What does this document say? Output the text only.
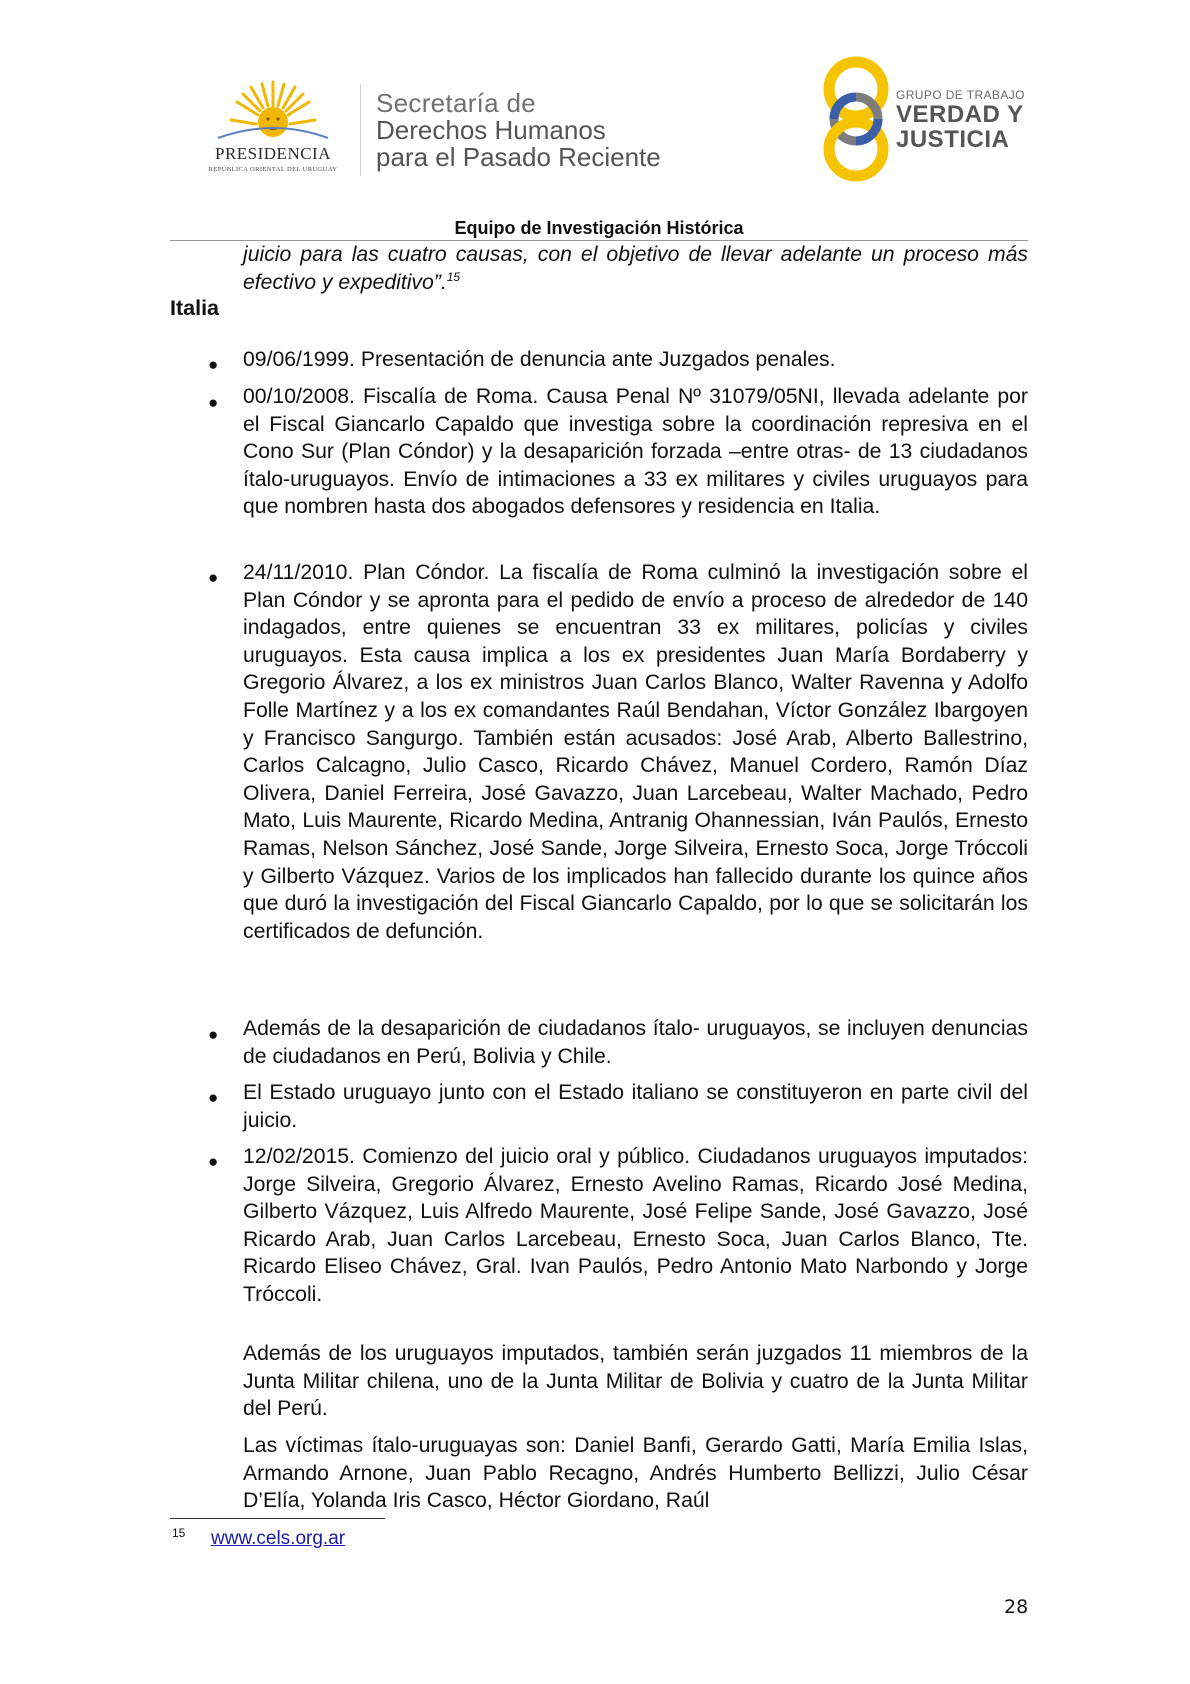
PRESIDENCIA
REPÚBLICA ORIENTAL DEL URUGUAY
Secretaría de
Derechos Humanos
para el Pasado Reciente
GRUPO DE TRABAJO
VERDAD Y
JUSTICIA
Equipo de Investigación Histórica
juicio para las cuatro causas, con el objetivo de llevar adelante un proceso más efectivo y expeditivo”.$^{15}$
Italia
● 09/06/1999. Presentación de denuncia ante Juzgados penales.
● 00/10/2008. Fiscalía de Roma. Causa Penal Nº 31079/05NI, llevada adelante por el Fiscal Giancarlo Capaldo que investiga sobre la coordinación represiva en el Cono Sur (Plan Cóndor) y la desaparición forzada –entre otras- de 13 ciudadanos ítalo-uruguayos. Envío de intimaciones a 33 ex militares y civiles uruguayos para que nombren hasta dos abogados defensores y residencia en Italia.
● 24/11/2010. Plan Cóndor. La fiscalía de Roma culminó la investigación sobre el Plan Cóndor y se apronta para el pedido de envío a proceso de alrededor de 140 indagados, entre quienes se encuentran 33 ex militares, policías y civiles uruguayos. Esta causa implica a los ex presidentes Juan María Bordaberry y Gregorio Álvarez, a los ex ministros Juan Carlos Blanco, Walter Ravenna y Adolfo Folle Martínez y a los ex comandantes Raúl Bendahan, Víctor González Ibargoyen y Francisco Sangurgo. También están acusados: José Arab, Alberto Ballestrino, Carlos Calcagno, Julio Casco, Ricardo Chávez, Manuel Cordero, Ramón Díaz Olivera, Daniel Ferreira, José Gavazzo, Juan Larcebeau, Walter Machado, Pedro Mato, Luis Maurente, Ricardo Medina, Antranig Ohannessian, Iván Paulós, Ernesto Ramas, Nelson Sánchez, José Sande, Jorge Silveira, Ernesto Soca, Jorge Tróccoli y Gilberto Vázquez. Varios de los implicados han fallecido durante los quince años que duró la investigación del Fiscal Giancarlo Capaldo, por lo que se solicitarán los certificados de defunción.
● Además de la desaparición de ciudadanos ítalo- uruguayos, se incluyen denuncias de ciudadanos en Perú, Bolivia y Chile.
● El Estado uruguayo junto con el Estado italiano se constituyeron en parte civil del juicio.
● 12/02/2015. Comienzo del juicio oral y público. Ciudadanos uruguayos imputados: Jorge Silveira, Gregorio Álvarez, Ernesto Avelino Ramas, Ricardo José Medina, Gilberto Vázquez, Luis Alfredo Maurente, José Felipe Sande, José Gavazzo, José Ricardo Arab, Juan Carlos Larcebeau, Ernesto Soca, Juan Carlos Blanco, Tte. Ricardo Eliseo Chávez, Gral. Ivan Paulós, Pedro Antonio Mato Narbondo y Jorge Tróccoli.
Además de los uruguayos imputados, también serán juzgados 11 miembros de la Junta Militar chilena, uno de la Junta Militar de Bolivia y cuatro de la Junta Militar del Perú.
Las víctimas ítalo-uruguayas son: Daniel Banfi, Gerardo Gatti, María Emilia Islas, Armando Arnone, Juan Pablo Recagno, Andrés Humberto Bellizzi, Julio César D’Elía, Yolanda Iris Casco, Héctor Giordano, Raúl
15 www.cels.org.ar
28
